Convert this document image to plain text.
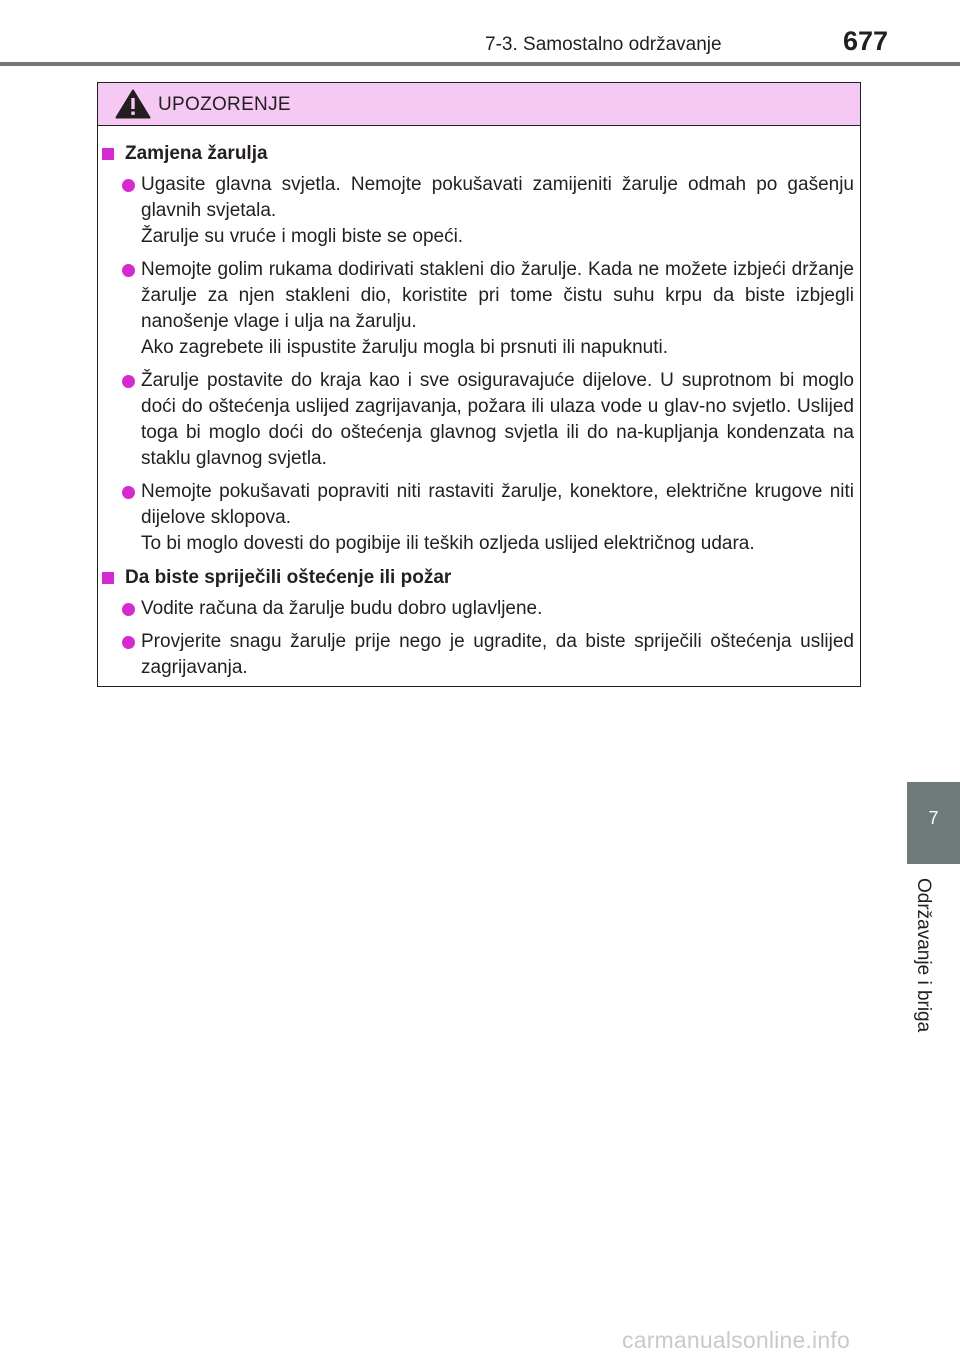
7-3. Samostalno održavanje	677
UPOZORENJE
Zamjena žarulja
Ugasite glavna svjetla. Nemojte pokušavati zamijeniti žarulje odmah po gašenju glavnih svjetala.
Žarulje su vruće i mogli biste se opeći.
Nemojte golim rukama dodirivati stakleni dio žarulje. Kada ne možete izbjeći držanje žarulje za njen stakleni dio, koristite pri tome čistu suhu krpu da biste izbjegli nanošenje vlage i ulja na žarulju.
Ako zagrebete ili ispustite žarulju mogla bi prsnuti ili napuknuti.
Žarulje postavite do kraja kao i sve osiguravajuće dijelove. U suprotnom bi moglo doći do oštećenja uslijed zagrijavanja, požara ili ulaza vode u glav-no svjetlo. Uslijed toga bi moglo doći do oštećenja glavnog svjetla ili do na-kupljanja kondenzata na staklu glavnog svjetla.
Nemojte pokušavati popraviti niti rastaviti žarulje, konektore, električne krugove niti dijelove sklopova.
To bi moglo dovesti do pogibije ili teških ozljeda uslijed električnog udara.
Da biste spriječili oštećenje ili požar
Vodite računa da žarulje budu dobro uglavljene.
Provjerite snagu žarulje prije nego je ugradite, da biste spriječili oštećenja uslijed zagrijavanja.
7
Održavanje i briga
carmanualsonline.info
